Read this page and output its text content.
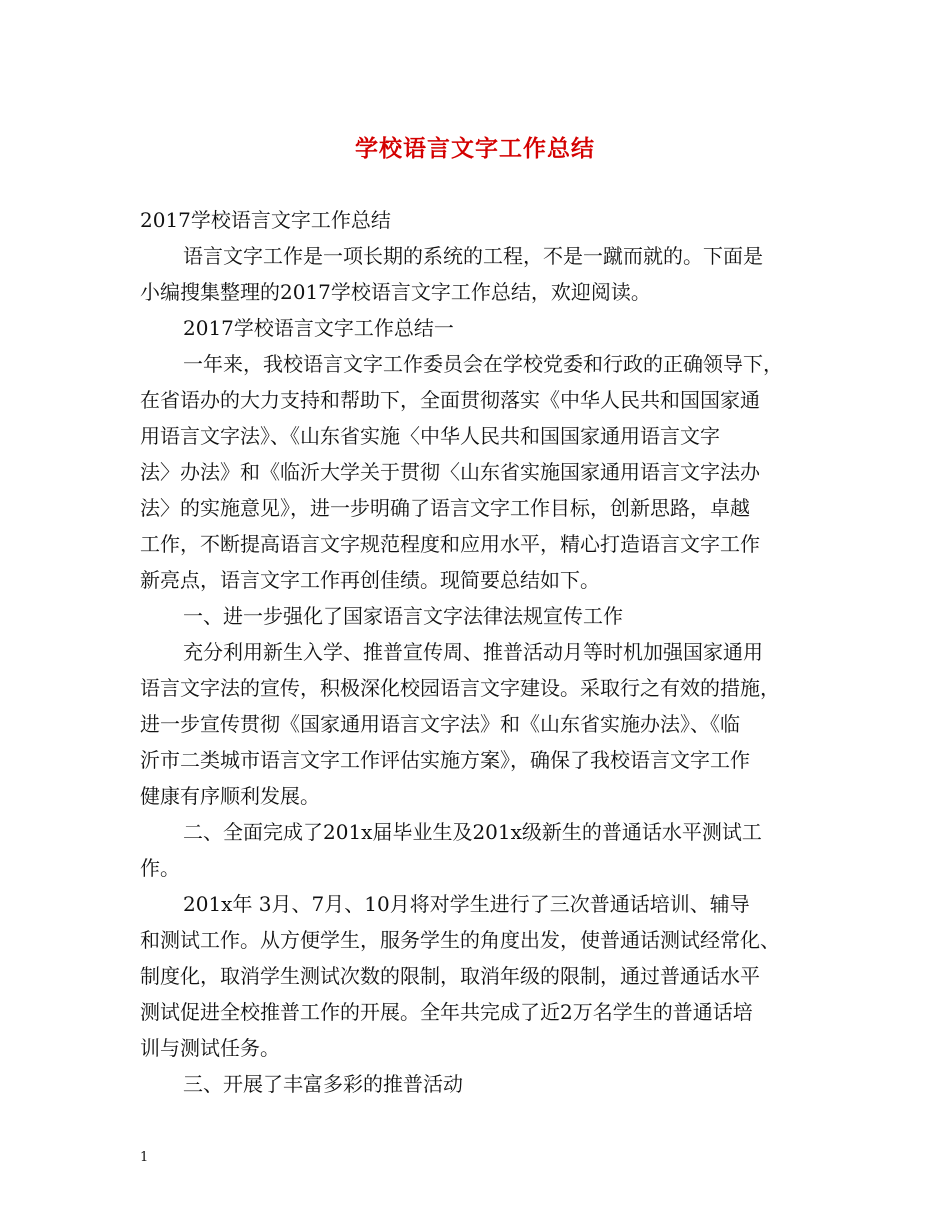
学校语言文字工作总结
2017学校语言文字工作总结
语言文字工作是一项长期的系统的工程，不是一蹴而就的。下面是
小编搜集整理的2017学校语言文字工作总结，欢迎阅读。
2017学校语言文字工作总结一
一年来，我校语言文字工作委员会在学校党委和行政的正确领导下，
在省语办的大力支持和帮助下，全面贯彻落实《中华人民共和国国家通
用语言文字法》、《山东省实施〈中华人民共和国国家通用语言文字
法〉办法》和《临沂大学关于贯彻〈山东省实施国家通用语言文字法办
法〉的实施意见》，进一步明确了语言文字工作目标，创新思路，卓越
工作，不断提高语言文字规范程度和应用水平，精心打造语言文字工作
新亮点，语言文字工作再创佳绩。现简要总结如下。
一、进一步强化了国家语言文字法律法规宣传工作
充分利用新生入学、推普宣传周、推普活动月等时机加强国家通用
语言文字法的宣传，积极深化校园语言文字建设。采取行之有效的措施，
进一步宣传贯彻《国家通用语言文字法》和《山东省实施办法》、《临
沂市二类城市语言文字工作评估实施方案》，确保了我校语言文字工作
健康有序顺利发展。
二、全面完成了201x届毕业生及201x级新生的普通话水平测试工
作。
201x年 3月、7月、10月将对学生进行了三次普通话培训、辅导
和测试工作。从方便学生，服务学生的角度出发，使普通话测试经常化、
制度化，取消学生测试次数的限制，取消年级的限制，通过普通话水平
测试促进全校推普工作的开展。全年共完成了近2万名学生的普通话培
训与测试任务。
三、开展了丰富多彩的推普活动
1
